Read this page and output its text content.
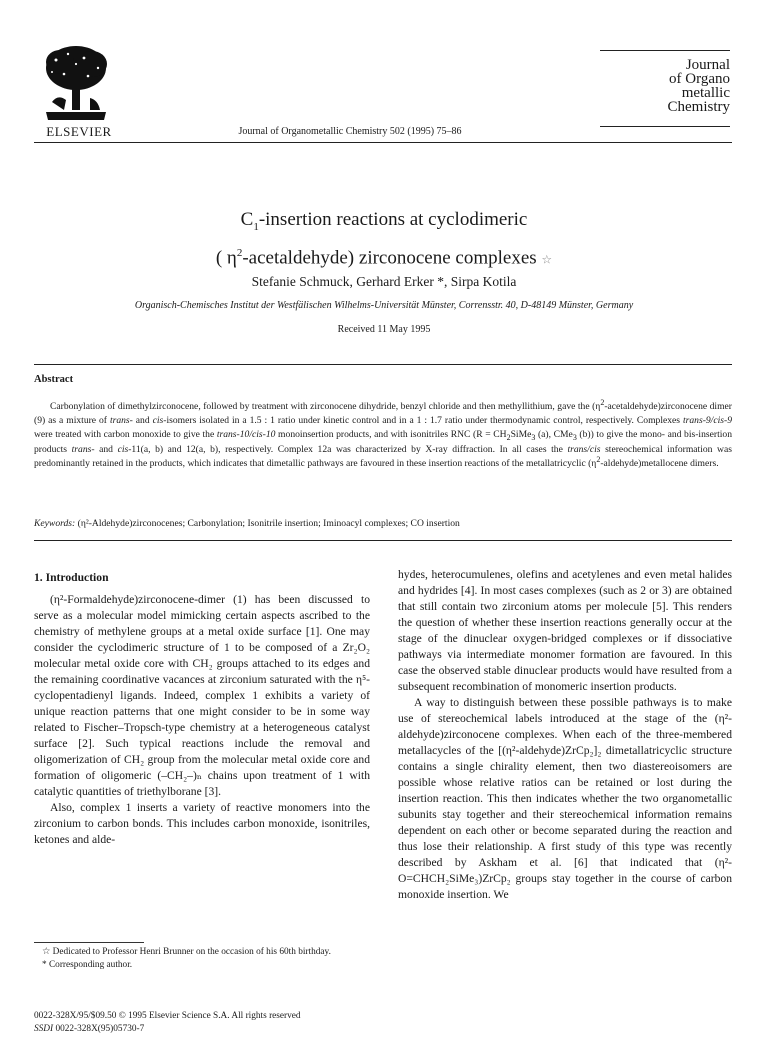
ELSEVIER	Journal of Organometallic Chemistry 502 (1995) 75–86
Journal
of Organo
metallic
Chemistry
$C_1$-insertion reactions at cyclodimeric
( $\eta^2-acetaldehyde$) zirconocene complexes ☆
Stefanie Schmuck, Gerhard Erker *, Sirpa Kotila
Organisch-Chemisches Institut der Westfälischen Wilhelms-Universität Münster, Corrensstr. 40, D-48149 Münster, Germany
Received 11 May 1995
Abstract
Carbonylation of dimethylzirconocene, followed by treatment with zirconocene dihydride, benzyl chloride and then methyllithium, gave the $(\eta^2-acetaldehyde)zirconocene$ dimer (9) as a mixture of trans- and cis-isomers isolated in a 1.5 : 1 ratio under kinetic control and in a 1 : 1.7 ratio under thermodynamic control, respectively. Complexes trans-9/cis-9 were treated with carbon monoxide to give the trans-10/cis-10 monoinsertion products, and with isonitriles RNC ($R = CH_2SiMe_3$ (a), CMe$_3$ (b)) to give the mono- and bis-insertion products trans- and cis-11(a, b) and 12(a, b), respectively. Complex 12a was characterized by X-ray diffraction. In all cases the trans/cis stereochemical information was predominantly retained in the products, which indicates that dimetallic pathways are favoured in these insertion reactions of the metallatricyclic $(\eta^2-aldehyde)metallocene$ dimers.
Keywords: (η²-Aldehyde)zirconocenes; Carbonylation; Isonitrile insertion; Iminoacyl complexes; CO insertion
1. Introduction

(η²-Formaldehyde)zirconocene-dimer (1) has been discussed to serve as a molecular model mimicking certain aspects ascribed to the chemistry of methylene groups at a metal oxide surface [1]. One may consider the cyclodimeric structure of 1 to be composed of a Zr₂O₂ molecular metal oxide core with CH₂ groups attached to its edges and the remaining coordinative vacances at zirconium saturated with the η⁵-cyclopentadienyl ligands. Indeed, complex 1 exhibits a variety of unique reaction patterns that one might consider to be in some way related to Fischer–Tropsch-type chemistry at a heterogeneous catalyst surface [2]. Such typical reactions include the removal and oligomerization of CH₂ group from the molecular metal oxide core and formation of oligomeric (–CH₂–)ₙ chains upon treatment of 1 with catalytic quantities of triethylborane [3].

Also, complex 1 inserts a variety of reactive monomers into the zirconium to carbon bonds. This includes carbon monoxide, isonitriles, ketones and alde-

hydes, heterocumulenes, olefins and acetylenes and even metal halides and hydrides [4]. In most cases complexes (such as 2 or 3) are obtained that still contain two zirconium atoms per molecule [5]. This renders the question of whether these insertion reactions generally occur at the stage of the dinuclear oxygen-bridged complexes or if dissociative pathways via intermediate monomer formation are favoured. In this case the observed stable dinuclear products would have resulted from a subsequent recombination of monomeric insertion products.

A way to distinguish between these possible pathways is to make use of stereochemical labels introduced at the stage of the (η²-aldehyde)zirconocene complexes. When each of the three-membered metallacycles of the [(η²-aldehyde)ZrCp₂]₂ dimetallatricyclic structure contains a single chirality element, then two diastereoisomers are possible whose relative ratios can be retained or lost during the insertion reaction. This then indicates whether the two organometallic subunits stay together and their stereochemical information remains dependent on each other or become separated during the reaction and thus lose their relationship. A first study of this type was recently described by Askham et al. [6] that indicated that (η²-O=CHCH₂SiMe₃)ZrCp₂ groups stay together in the course of carbon monoxide insertion. We

☆ Dedicated to Professor Henri Brunner on the occasion of his 60th birthday.

* Corresponding author.

0022-328X/95/$09.50 © 1995 Elsevier Science S.A. All rights reserved
SSDI 0022-328X(95)05730-7
